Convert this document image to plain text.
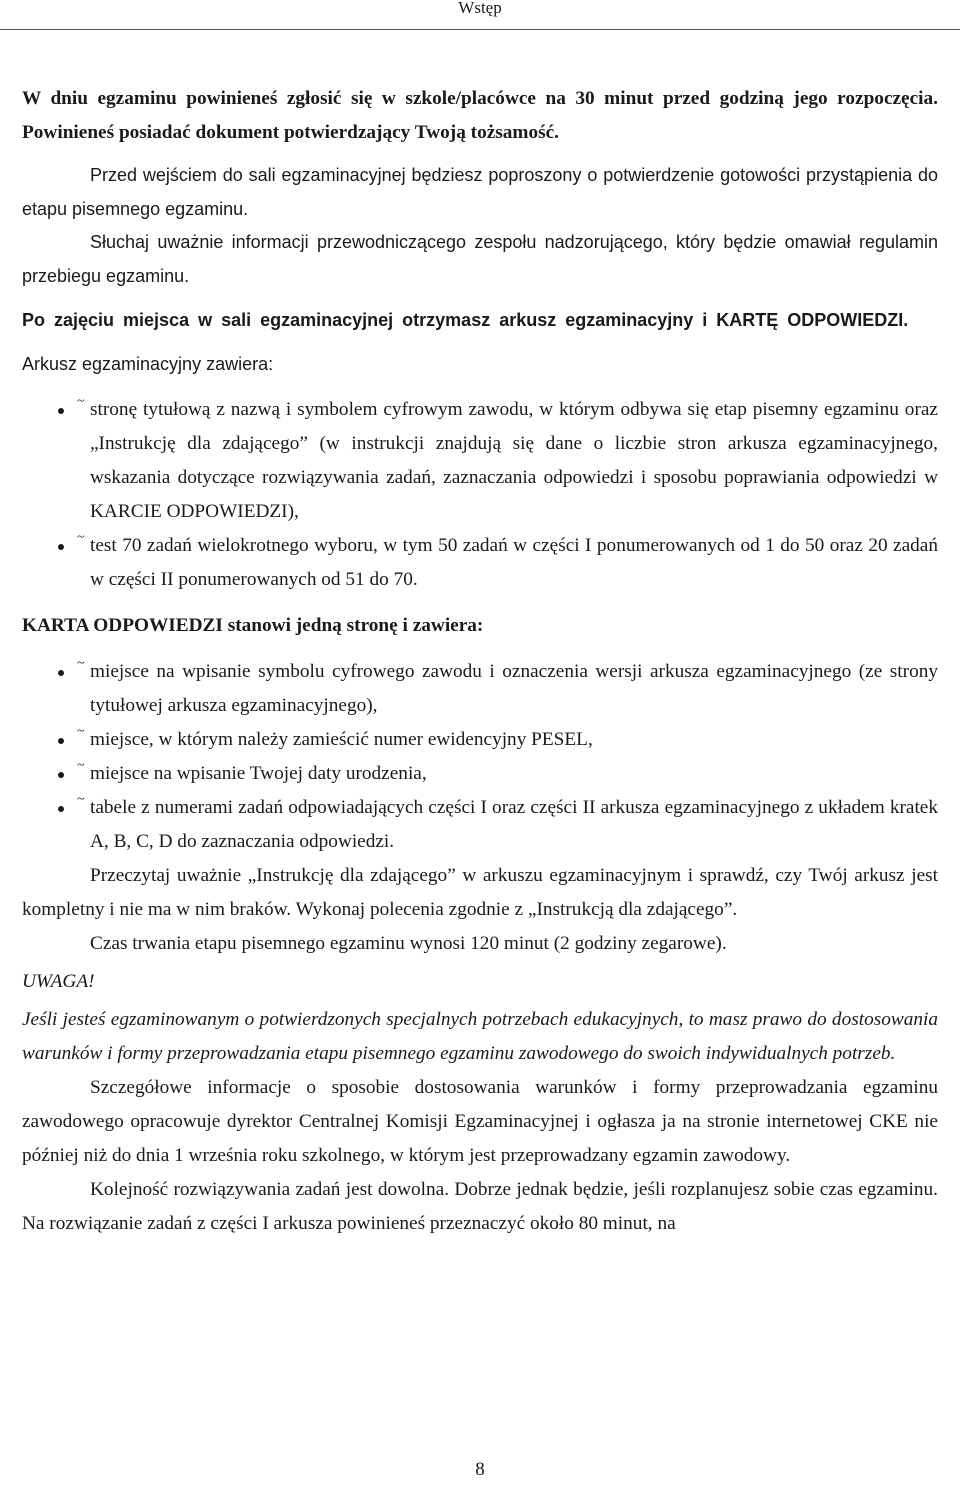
Wstęp

W dniu egzaminu powinieneś zgłosić się w szkole/placówce na 30 minut przed godziną jego rozpoczęcia. Powinieneś posiadać dokument potwierdzający Twoją tożsamość.

Przed wejściem do sali egzaminacyjnej będziesz poproszony o potwierdzenie gotowości przystąpienia do etapu pisemnego egzaminu.

Słuchaj uważnie informacji przewodniczącego zespołu nadzorującego, który będzie omawiał regulamin przebiegu egzaminu.

Po zajęciu miejsca w sali egzaminacyjnej otrzymasz arkusz egzaminacyjny i KARTĘ ODPOWIEDZI.

Arkusz egzaminacyjny zawiera:

~ stronę tytułową z nazwą i symbolem cyfrowym zawodu, w którym odbywa się etap pisemny egzaminu oraz „Instrukcję dla zdającego” (w instrukcji znajdują się dane o liczbie stron arkusza egzaminacyjnego, wskazania dotyczące rozwiązywania zadań, zaznaczania odpowiedzi i sposobu poprawiania odpowiedzi w KARCIE ODPOWIEDZI),
~ test 70 zadań wielokrotnego wyboru, w tym 50 zadań w części I ponumerowanych od 1 do 50 oraz 20 zadań w części II ponumerowanych od 51 do 70.

KARTA ODPOWIEDZI stanowi jedną stronę i zawiera:

~ miejsce na wpisanie symbolu cyfrowego zawodu i oznaczenia wersji arkusza egzaminacyjnego (ze strony tytułowej arkusza egzaminacyjnego),
~ miejsce, w którym należy zamieścić numer ewidencyjny PESEL,
~ miejsce na wpisanie Twojej daty urodzenia,
~ tabele z numerami zadań odpowiadających części I oraz części II arkusza egzaminacyjnego z układem kratek A, B, C, D do zaznaczania odpowiedzi.

Przeczytaj uważnie „Instrukcję dla zdającego” w arkuszu egzaminacyjnym i sprawdź, czy Twój arkusz jest kompletny i nie ma w nim braków. Wykonaj polecenia zgodnie z „Instrukcją dla zdającego”.

Czas trwania etapu pisemnego egzaminu wynosi 120 minut (2 godziny zegarowe).

UWAGA!

Jeśli jesteś egzaminowanym o potwierdzonych specjalnych potrzebach edukacyjnych, to masz prawo do dostosowania warunków i formy przeprowadzania etapu pisemnego egzaminu zawodowego do swoich indywidualnych potrzeb.

Szczegółowe informacje o sposobie dostosowania warunków i formy przeprowadzania egzaminu zawodowego opracowuje dyrektor Centralnej Komisji Egzaminacyjnej i ogłasza ja na stronie internetowej CKE nie później niż do dnia 1 września roku szkolnego, w którym jest przeprowadzany egzamin zawodowy.

Kolejność rozwiązywania zadań jest dowolna. Dobrze jednak będzie, jeśli rozplanujesz sobie czas egzaminu. Na rozwiązanie zadań z części I arkusza powinieneś przeznaczyć około 80 minut, na

8
